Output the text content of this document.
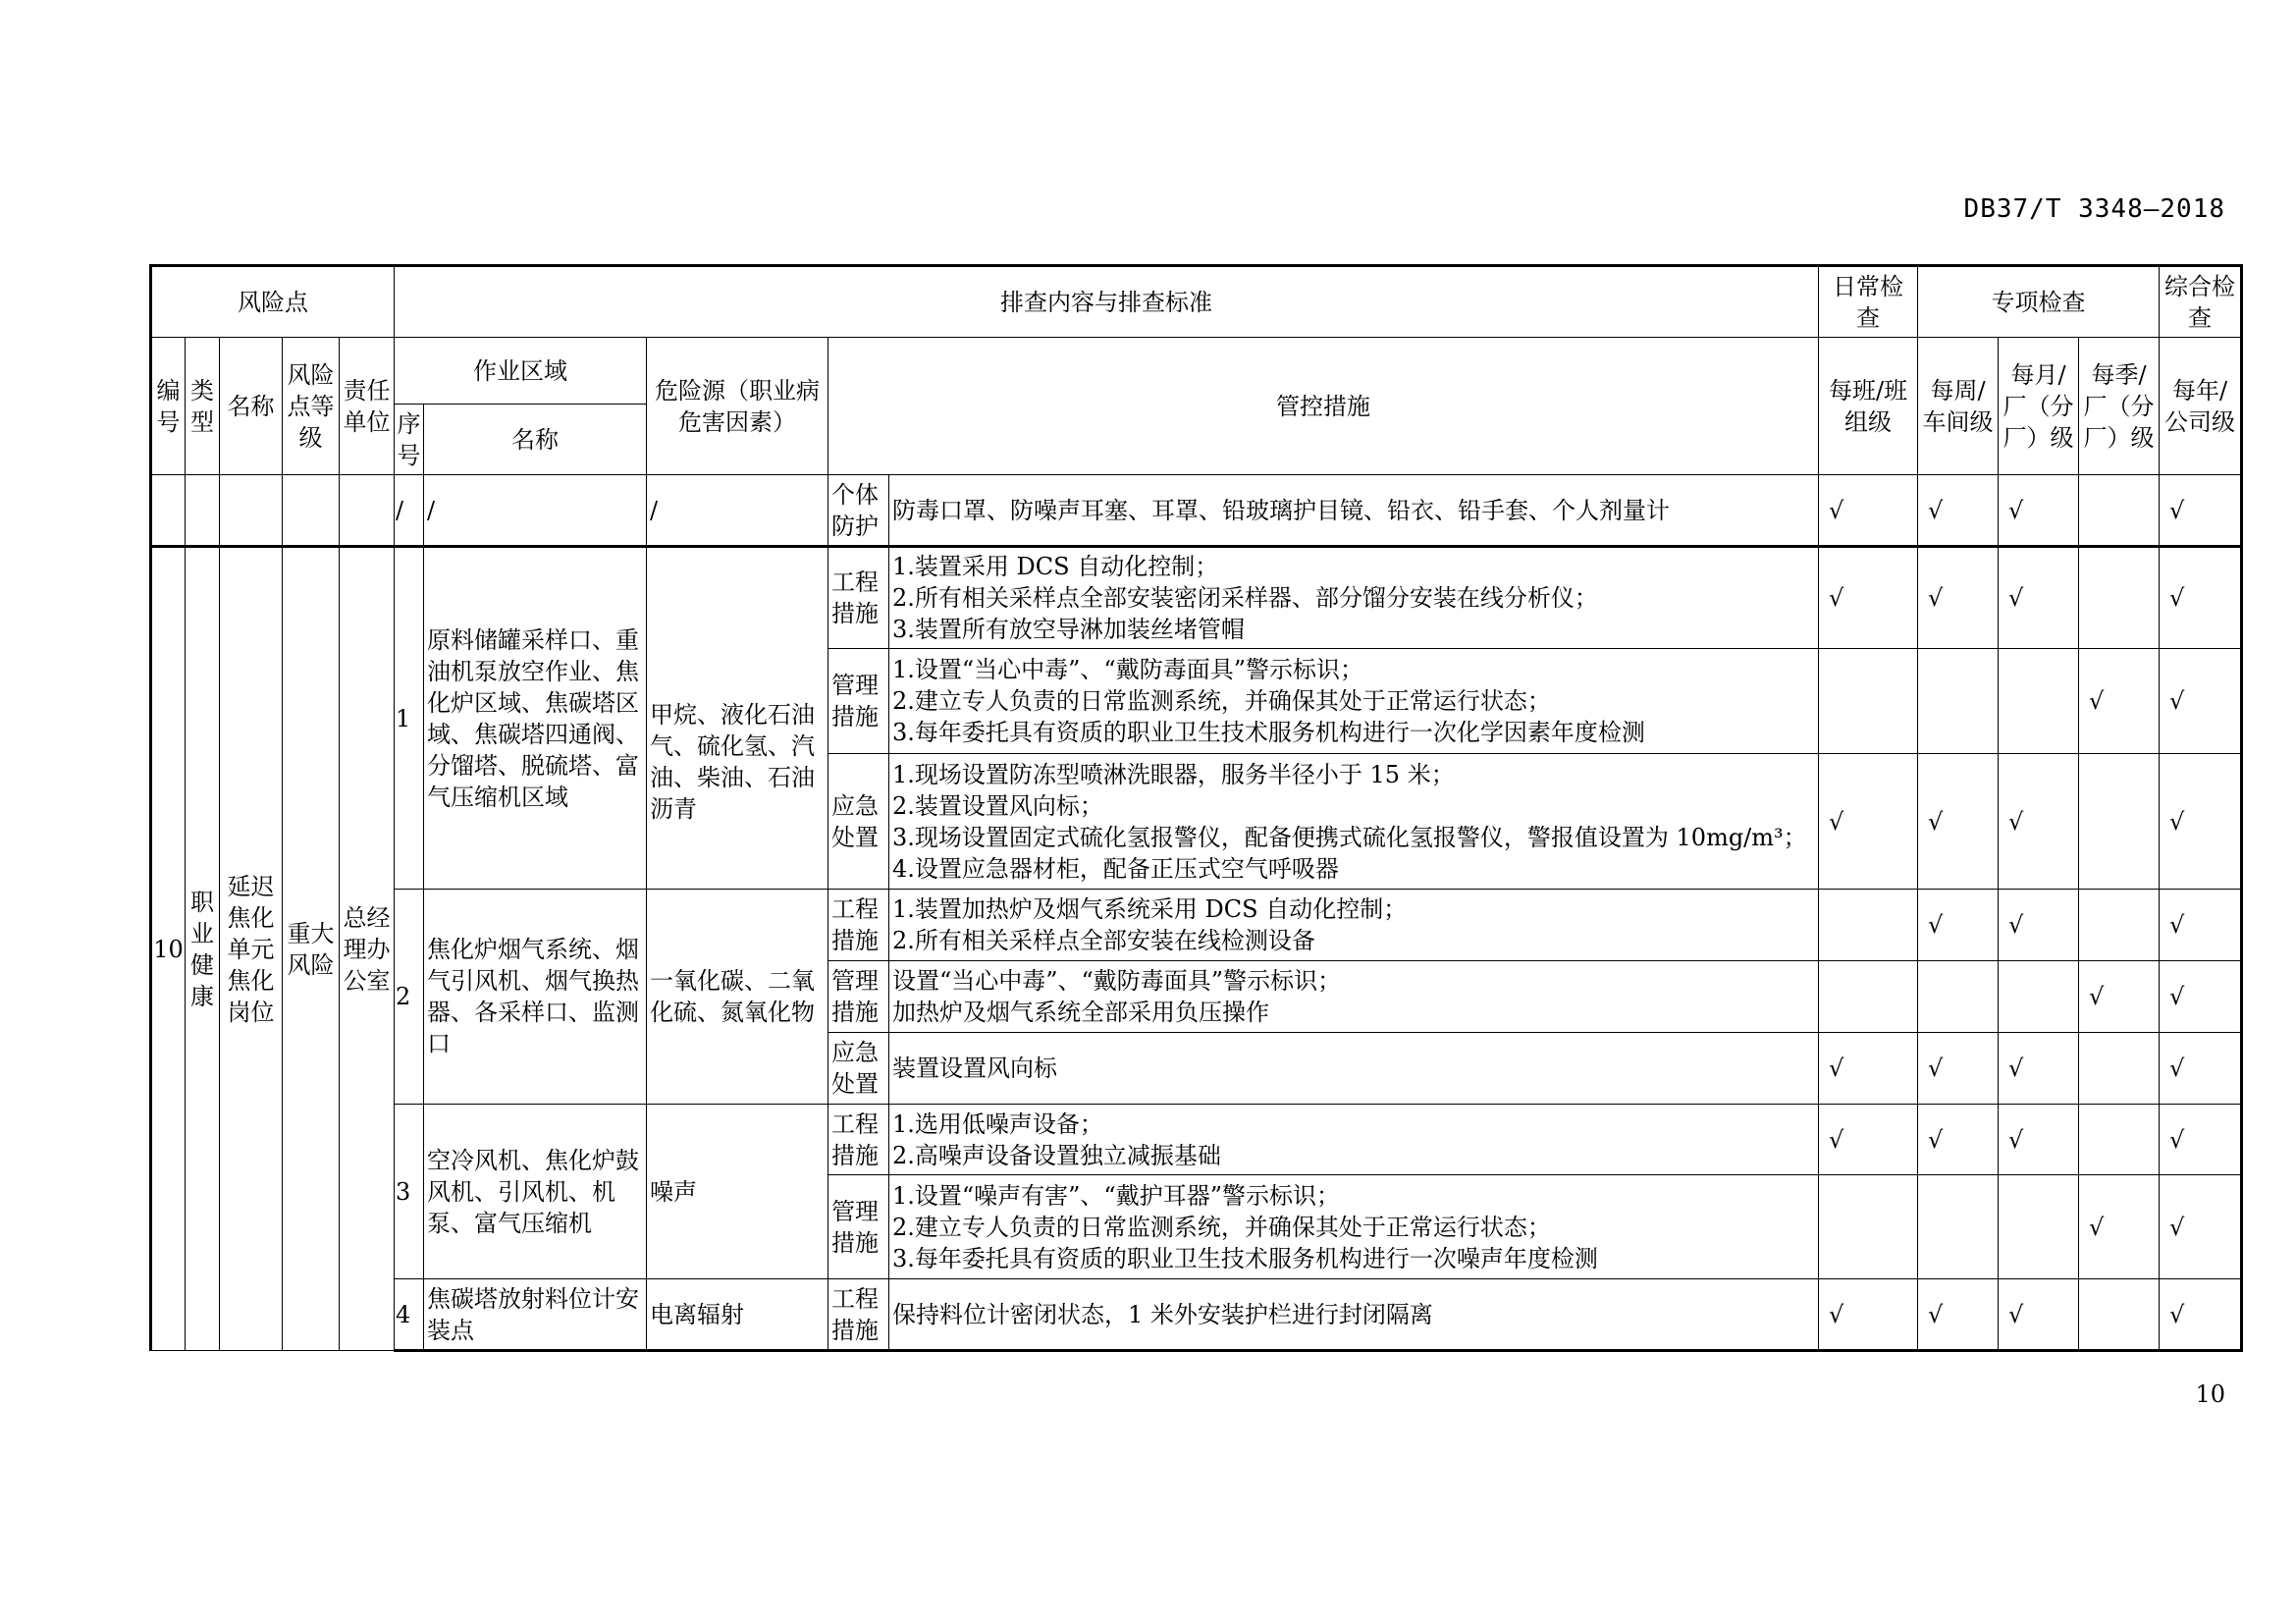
DB37/T 3348—2018
风险点					排查内容与排查标准					日常检查	专项检查			综合检查
编号	类型	名称	风险点等级	责任单位	作业区域		危险源（职业病危害因素）	管控措施		每班/班组级	每周/车间级	每月/厂（分厂）级	每季/厂（分厂）级	每年/公司级
					序号	名称								
					/	/	/	个体防护	防毒口罩、防噪声耳塞、耳罩、铅玻璃护目镜、铅衣、铅手套、个人剂量计	√	√	√		√
10	职业健康	延迟焦化单元焦化岗位	重大风险	总经理办公室	1	原料储罐采样口、重油机泵放空作业、焦化炉区域、焦碳塔区域、焦碳塔四通阀、分馏塔、脱硫塔、富气压缩机区域	甲烷、液化石油气、硫化氢、汽油、柴油、石油沥青	工程措施	1.装置采用 DCS 自动化控制；
2.所有相关采样点全部安装密闭采样器、部分馏分安装在线分析仪；
3.装置所有放空导淋加装丝堵管帽	√	√	√		√
								管理措施	1.设置“当心中毒”、“戴防毒面具”警示标识；
2.建立专人负责的日常监测系统，并确保其处于正常运行状态；
3.每年委托具有资质的职业卫生技术服务机构进行一次化学因素年度检测				√	√
								应急处置	1.现场设置防冻型喷淋洗眼器，服务半径小于 15 米；
2.装置设置风向标；
3.现场设置固定式硫化氢报警仪，配备便携式硫化氢报警仪，警报值设置为 10mg/m³；
4.设置应急器材柜，配备正压式空气呼吸器	√	√	√		√
					2	焦化炉烟气系统、烟气引风机、烟气换热器、各采样口、监测口	一氧化碳、二氧化硫、氮氧化物	工程措施	1.装置加热炉及烟气系统采用 DCS 自动化控制；
2.所有相关采样点全部安装在线检测设备		√	√		√
								管理措施	设置“当心中毒”、“戴防毒面具”警示标识；
加热炉及烟气系统全部采用负压操作				√	√
								应急处置	装置设置风向标	√	√	√		√
					3	空冷风机、焦化炉鼓风机、引风机、机泵、富气压缩机	噪声	工程措施	1.选用低噪声设备；
2.高噪声设备设置独立减振基础	√	√	√		√
								管理措施	1.设置“噪声有害”、“戴护耳器”警示标识；
2.建立专人负责的日常监测系统，并确保其处于正常运行状态；
3.每年委托具有资质的职业卫生技术服务机构进行一次噪声年度检测				√	√
					4	焦碳塔放射料位计安装点	电离辐射	工程措施	保持料位计密闭状态，1 米外安装护栏进行封闭隔离	√	√	√		√
10
